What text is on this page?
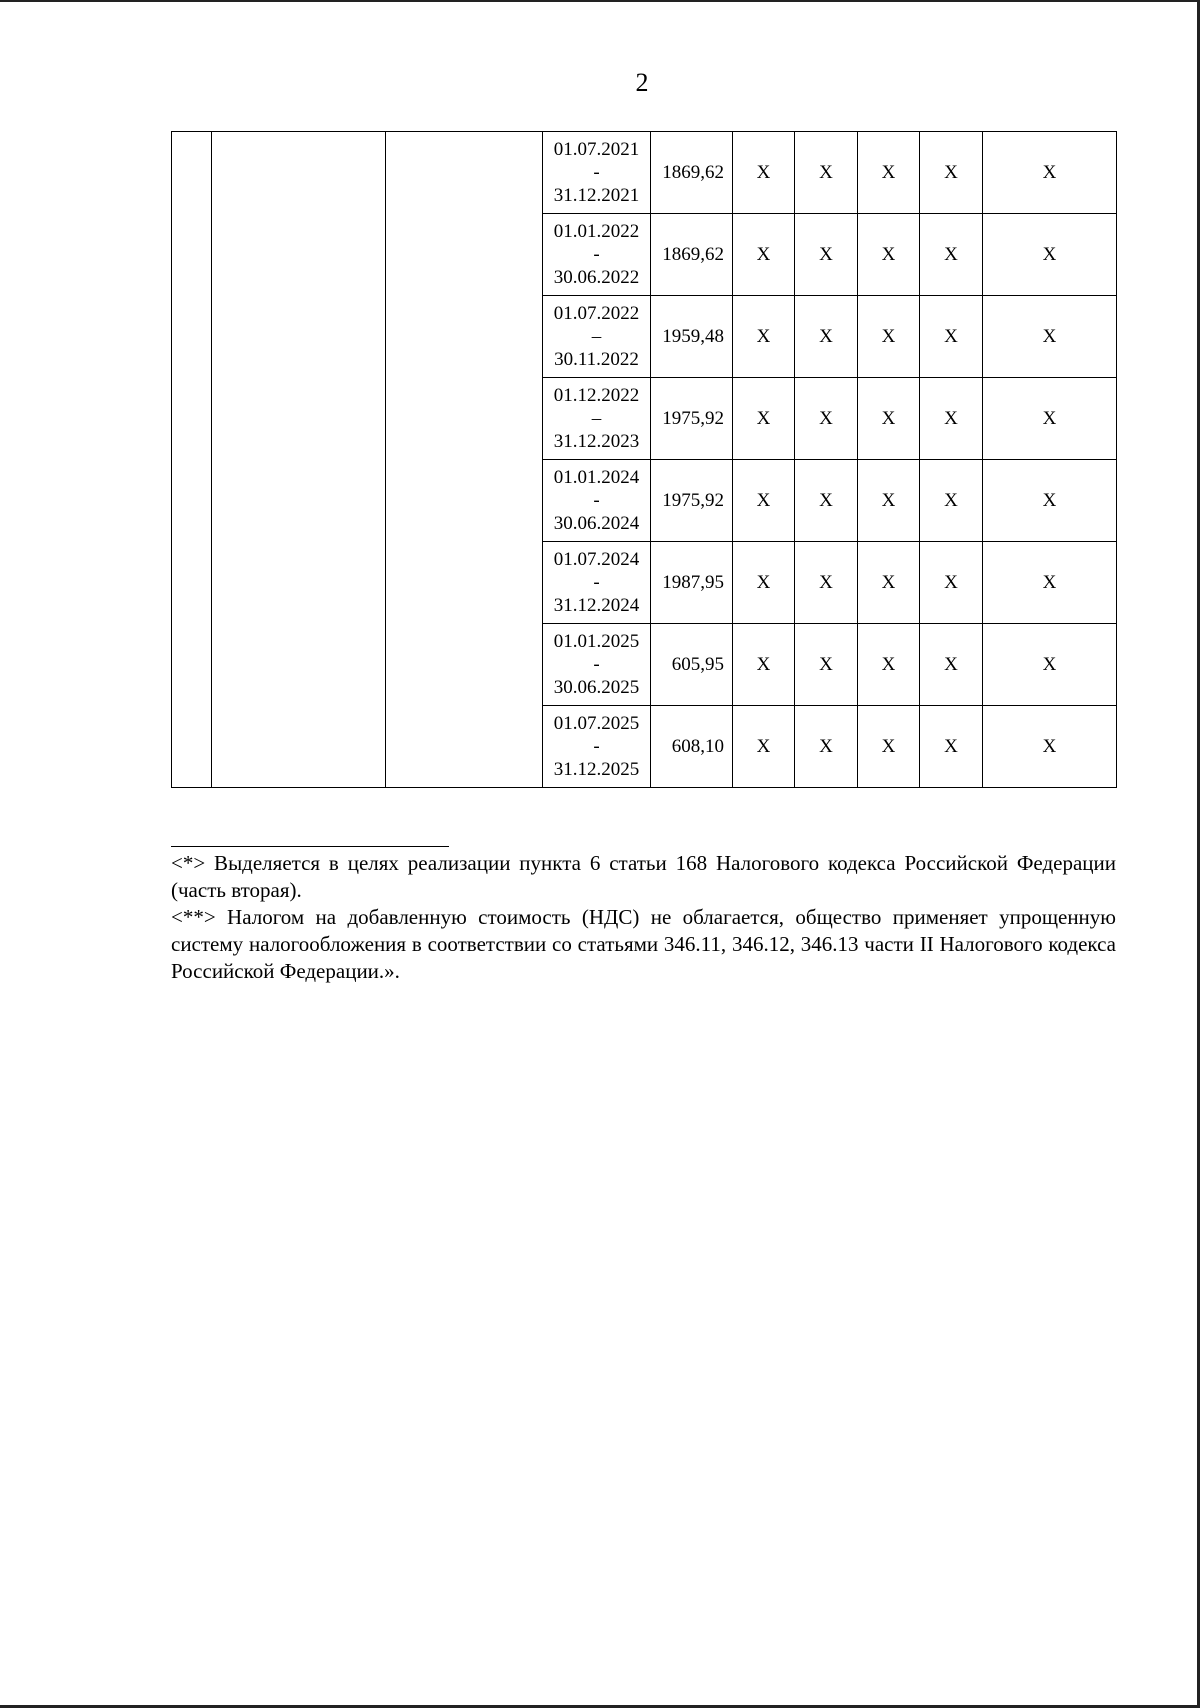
2

			01.07.2021
-
31.12.2021	1869,62	X	X	X	X	X

			01.01.2022
-
30.06.2022	1869,62	X	X	X	X	X

			01.07.2022
–
30.11.2022	1959,48	X	X	X	X	X

			01.12.2022
–
31.12.2023	1975,92	X	X	X	X	X

			01.01.2024
-
30.06.2024	1975,92	X	X	X	X	X

			01.07.2024
-
31.12.2024	1987,95	X	X	X	X	X

			01.01.2025
-
30.06.2025	605,95	X	X	X	X	X

			01.07.2025
-
31.12.2025	608,10	X	X	X	X	X

<*> Выделяется в целях реализации пункта 6 статьи 168 Налогового кодекса Российской Федерации (часть вторая).

<**> Налогом на добавленную стоимость (НДС) не облагается, общество применяет упрощенную систему налогообложения в соответствии со статьями 346.11, 346.12, 346.13 части II Налогового кодекса Российской Федерации.».
